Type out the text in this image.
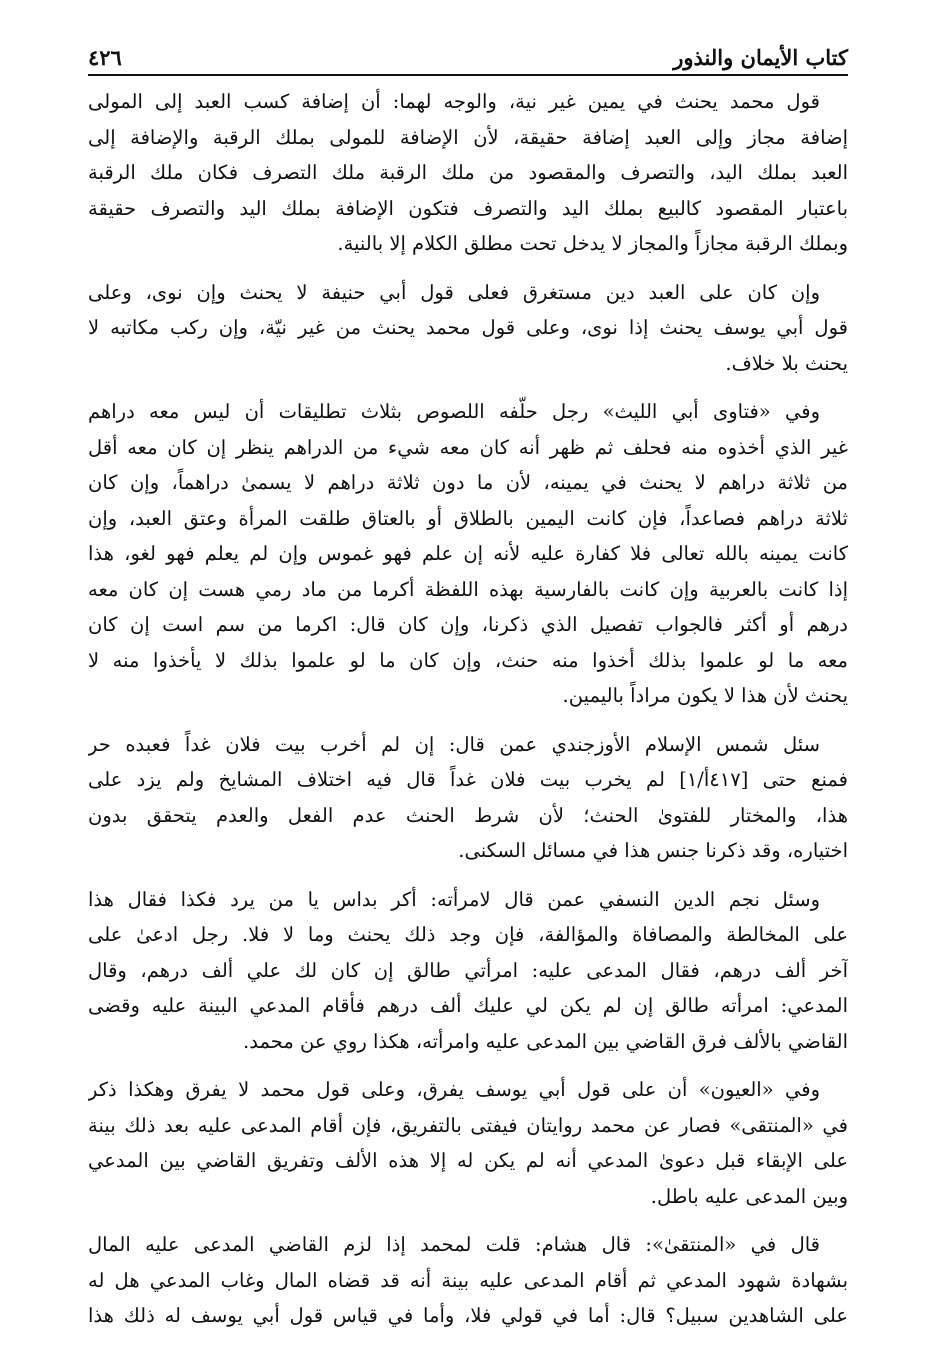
كتاب الأيمان والنذور
٤٢٦
قول محمد يحنث في يمين غير نية، والوجه لهما: أن إضافة كسب العبد إلى المولى
إضافة مجاز وإلى العبد إضافة حقيقة، لأن الإضافة للمولى بملك الرقبة والإضافة إلى
العبد بملك اليد، والتصرف والمقصود من ملك الرقبة ملك التصرف فكان ملك الرقبة
باعتبار المقصود كالبيع بملك اليد والتصرف فتكون الإضافة بملك اليد والتصرف حقيقة
وبملك الرقبة مجازاً والمجاز لا يدخل تحت مطلق الكلام إلا بالنية.
وإن كان على العبد دين مستغرق فعلى قول أبي حنيفة لا يحنث وإن نوى، وعلى
قول أبي يوسف يحنث إذا نوى، وعلى قول محمد يحنث من غير نيّة، وإن ركب مكاتبه لا
يحنث بلا خلاف.
وفي «فتاوى أبي الليث» رجل حلّفه اللصوص بثلاث تطليقات أن ليس معه دراهم
غير الذي أخذوه منه فحلف ثم ظهر أنه كان معه شيء من الدراهم ينظر إن كان معه أقل
من ثلاثة دراهم لا يحنث في يمينه، لأن ما دون ثلاثة دراهم لا يسمىٰ دراهماً، وإن كان
ثلاثة دراهم فصاعداً، فإن كانت اليمين بالطلاق أو بالعتاق طلقت المرأة وعتق العبد، وإن
كانت يمينه بالله تعالى فلا كفارة عليه لأنه إن علم فهو غموس وإن لم يعلم فهو لغو، هذا
إذا كانت بالعربية وإن كانت بالفارسية بهذه اللفظة أكرما من ماد رمي هست إن كان معه
درهم أو أكثر فالجواب تفصيل الذي ذكرنا، وإن كان قال: اكرما من سم است إن كان
معه ما لو علموا بذلك أخذوا منه حنث، وإن كان ما لو علموا بذلك لا يأخذوا منه لا
يحنث لأن هذا لا يكون مراداً باليمين.
سئل شمس الإسلام الأوزجندي عمن قال: إن لم أخرب بيت فلان غداً فعبده حر
فمنع حتى [٤١٧أ/١] لم يخرب بيت فلان غداً قال فيه اختلاف المشايخ ولم يزد على
هذا، والمختار للفتوىٰ الحنث؛ لأن شرط الحنث عدم الفعل والعدم يتحقق بدون
اختياره، وقد ذكرنا جنس هذا في مسائل السكنى.
وسئل نجم الدين النسفي عمن قال لامرأته: أكر بداس يا من يرد فكذا فقال هذا
على المخالطة والمصافاة والمؤالفة، فإن وجد ذلك يحنث وما لا فلا. رجل ادعىٰ على
آخر ألف درهم، فقال المدعى عليه: امرأتي طالق إن كان لك علي ألف درهم، وقال
المدعي: امرأته طالق إن لم يكن لي عليك ألف درهم فأقام المدعي البينة عليه وقضى
القاضي بالألف فرق القاضي بين المدعى عليه وامرأته، هكذا روي عن محمد.
وفي «العيون» أن على قول أبي يوسف يفرق، وعلى قول محمد لا يفرق وهكذا ذكر
في «المنتقى» فصار عن محمد روايتان فيفتى بالتفريق، فإن أقام المدعى عليه بعد ذلك بينة
على الإبقاء قبل دعوىٰ المدعي أنه لم يكن له إلا هذه الألف وتفريق القاضي بين المدعي
وبين المدعى عليه باطل.
قال في «المنتقىٰ»: قال هشام: قلت لمحمد إذا لزم القاضي المدعى عليه المال
بشهادة شهود المدعي ثم أقام المدعى عليه بينة أنه قد قضاه المال وغاب المدعي هل له
على الشاهدين سبيل؟ قال: أما في قولي فلا، وأما في قياس قول أبي يوسف له ذلك هذا
